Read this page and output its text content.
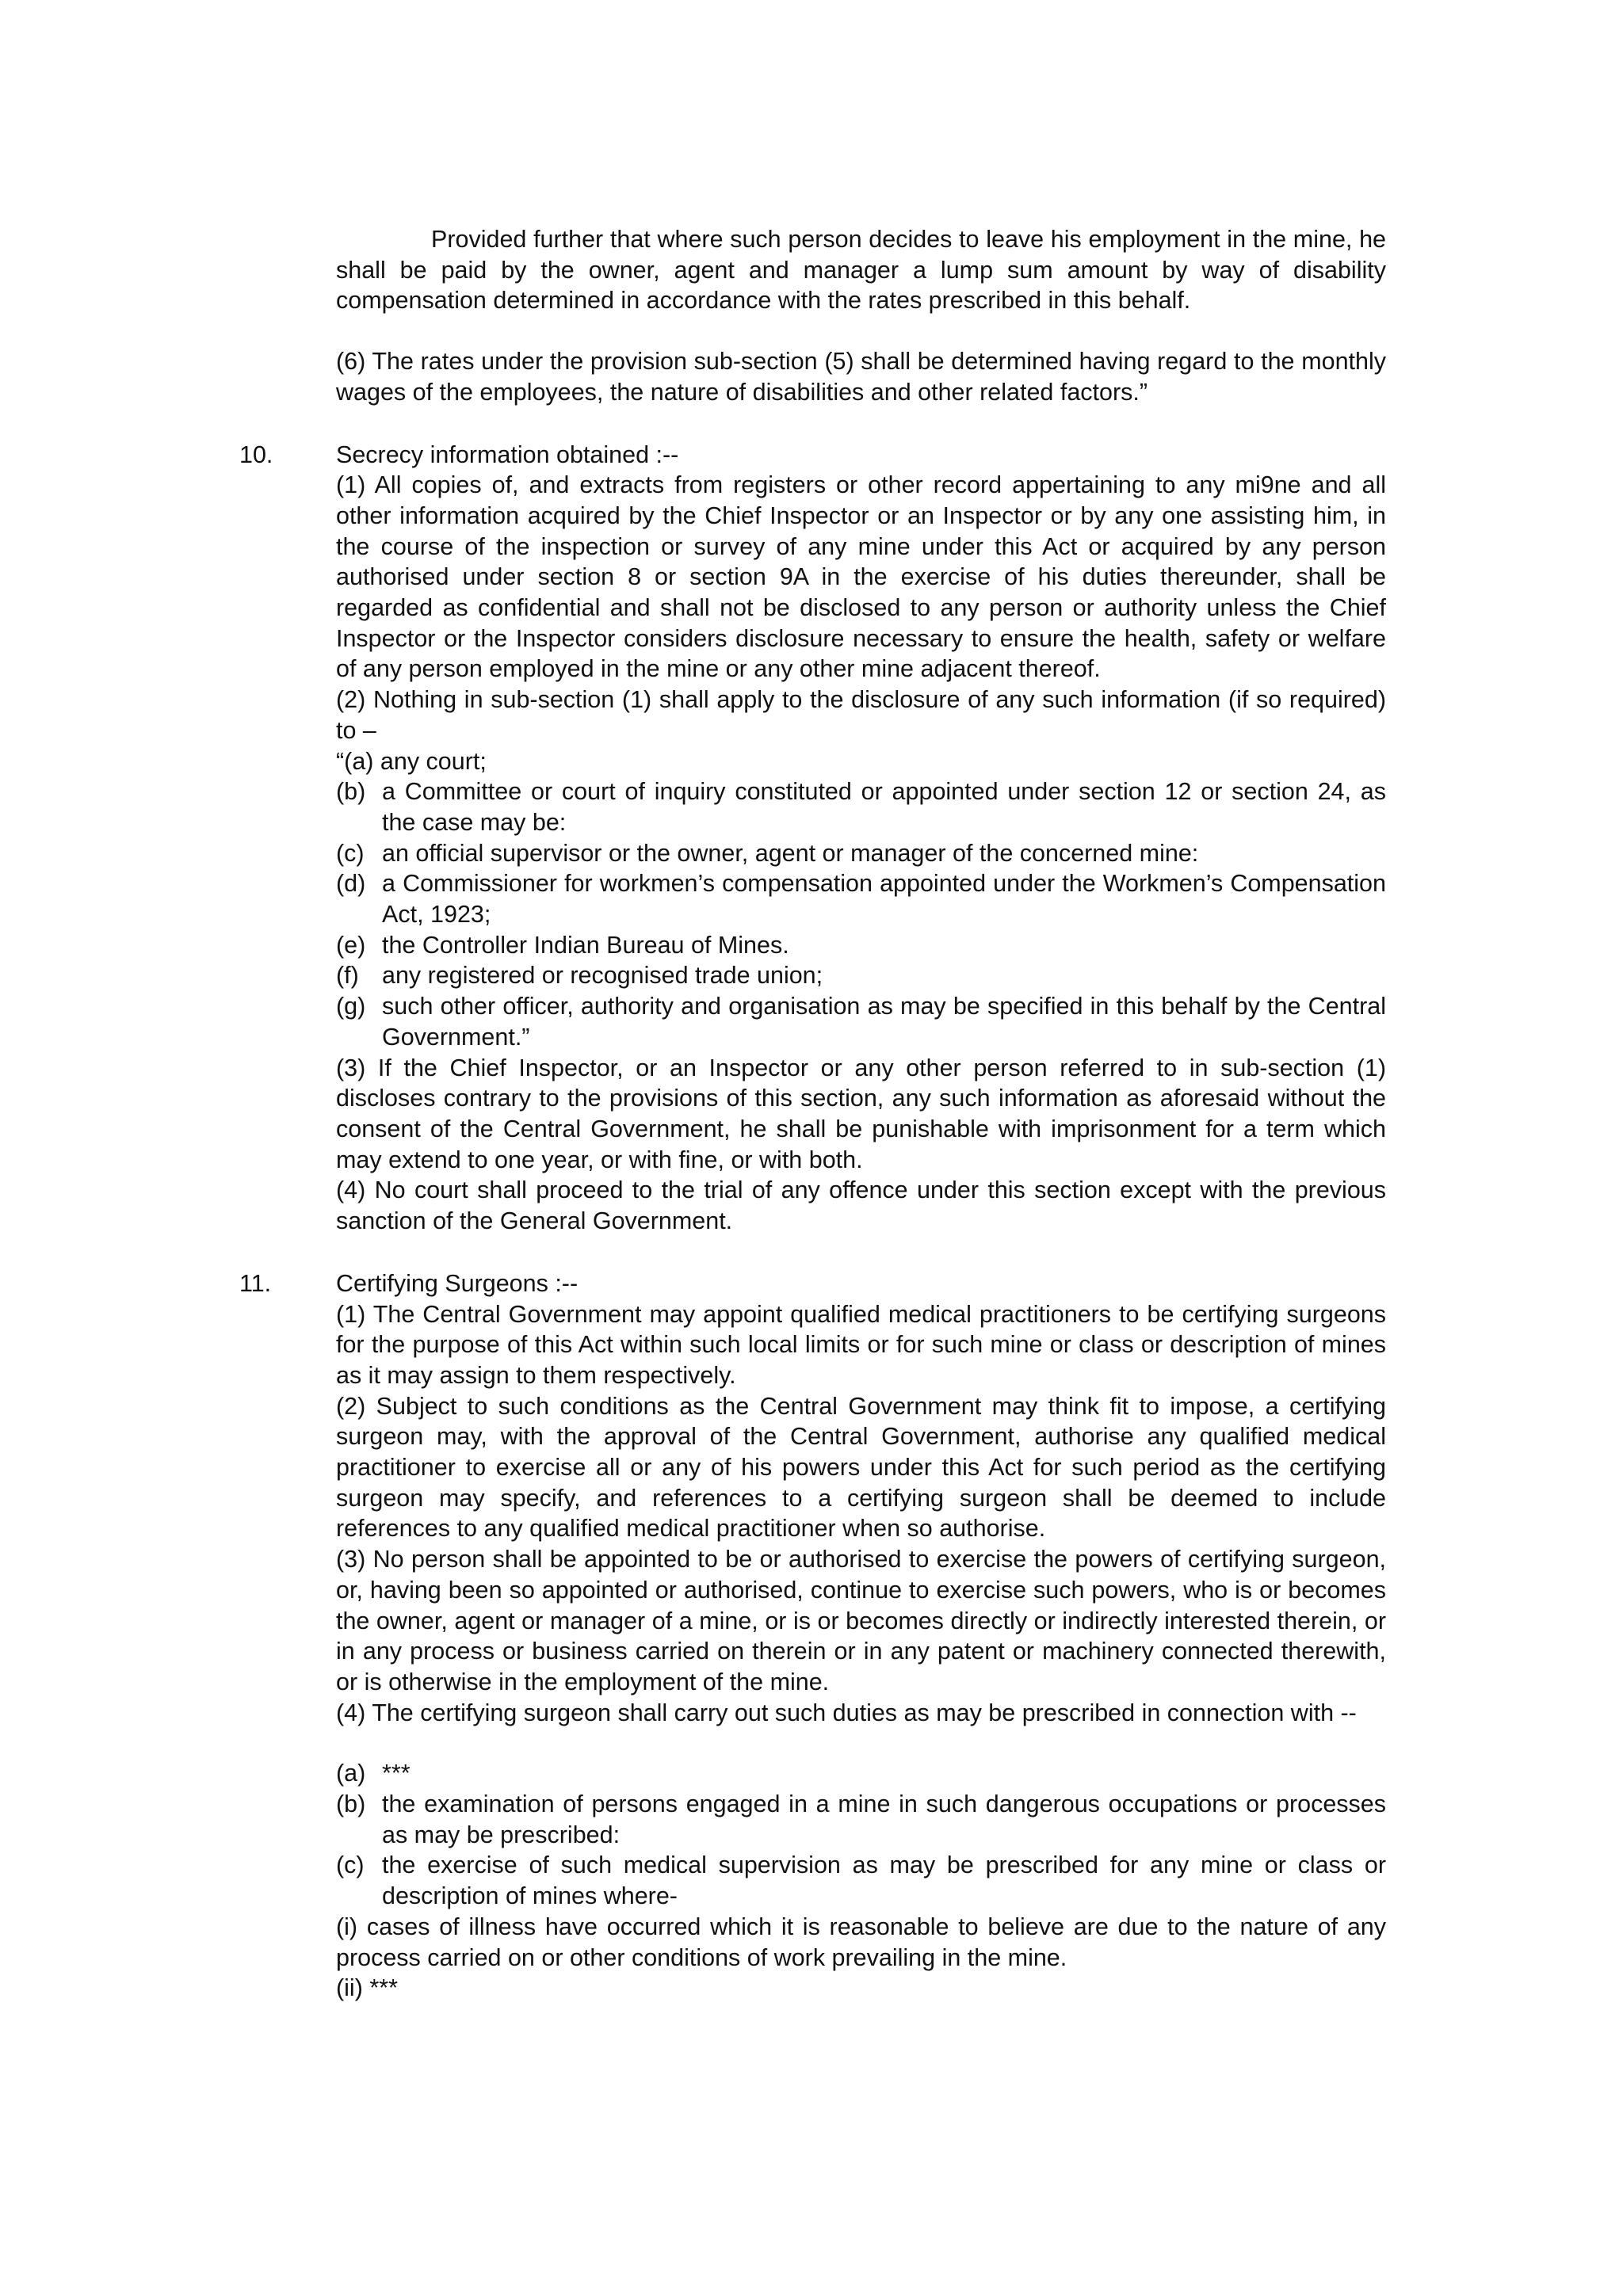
Provided further that where such person decides to leave his employment in the mine, he shall be paid by the owner, agent and manager a lump sum amount by way of disability compensation determined in accordance with the rates prescribed in this behalf.

(6) The rates under the provision sub-section (5) shall be determined having regard to the monthly wages of the employees, the nature of disabilities and other related factors.”

10.	Secrecy information obtained :--

(1) All copies of, and extracts from registers or other record appertaining to any mi9ne and all other information acquired by the Chief Inspector or an Inspector or by any one assisting him, in the course of the inspection or survey of any mine under this Act or acquired by any person authorised under section 8 or section 9A in the exercise of his duties thereunder, shall be regarded as confidential and shall not be disclosed to any person or authority unless the Chief Inspector or the Inspector considers disclosure necessary to ensure the health, safety or welfare of any person employed in the mine or any other mine adjacent thereof.

(2) Nothing in sub-section (1) shall apply to the disclosure of any such information (if so required) to –

“(a) any court;

(b) a Committee or court of inquiry constituted or appointed under section 12 or section 24, as the case may be:
(c) an official supervisor or the owner, agent or manager of the concerned mine:
(d) a Commissioner for workmen’s compensation appointed under the Workmen’s Compensation Act, 1923;
(e) the Controller Indian Bureau of Mines.
(f) any registered or recognised trade union;
(g) such other officer, authority and organisation as may be specified in this behalf by the Central Government.”

(3) If the Chief Inspector, or an Inspector or any other person referred to in sub-section (1) discloses contrary to the provisions of this section, any such information as aforesaid without the consent of the Central Government, he shall be punishable with imprisonment for a term which may extend to one year, or with fine, or with both.

(4) No court shall proceed to the trial of any offence under this section except with the previous sanction of the General Government.

11.	Certifying Surgeons :--

(1) The Central Government may appoint qualified medical practitioners to be certifying surgeons for the purpose of this Act within such local limits or for such mine or class or description of mines as it may assign to them respectively.

(2) Subject to such conditions as the Central Government may think fit to impose, a certifying surgeon may, with the approval of the Central Government, authorise any qualified medical practitioner to exercise all or any of his powers under this Act for such period as the certifying surgeon may specify, and references to a certifying surgeon shall be deemed to include references to any qualified medical practitioner when so authorise.

(3) No person shall be appointed to be or authorised to exercise the powers of certifying surgeon, or, having been so appointed or authorised, continue to exercise such powers, who is or becomes the owner, agent or manager of a mine, or is or becomes directly or indirectly interested therein, or in any process or business carried on therein or in any patent or machinery connected therewith, or is otherwise in the employment of the mine.

(4) The certifying surgeon shall carry out such duties as may be prescribed in connection with --

(a) ***
(b) the examination of persons engaged in a mine in such dangerous occupations or processes as may be prescribed:
(c) the exercise of such medical supervision as may be prescribed for any mine or class or description of mines where-

(i) cases of illness have occurred which it is reasonable to believe are due to the nature of any process carried on or other conditions of work prevailing in the mine.

(ii) ***
